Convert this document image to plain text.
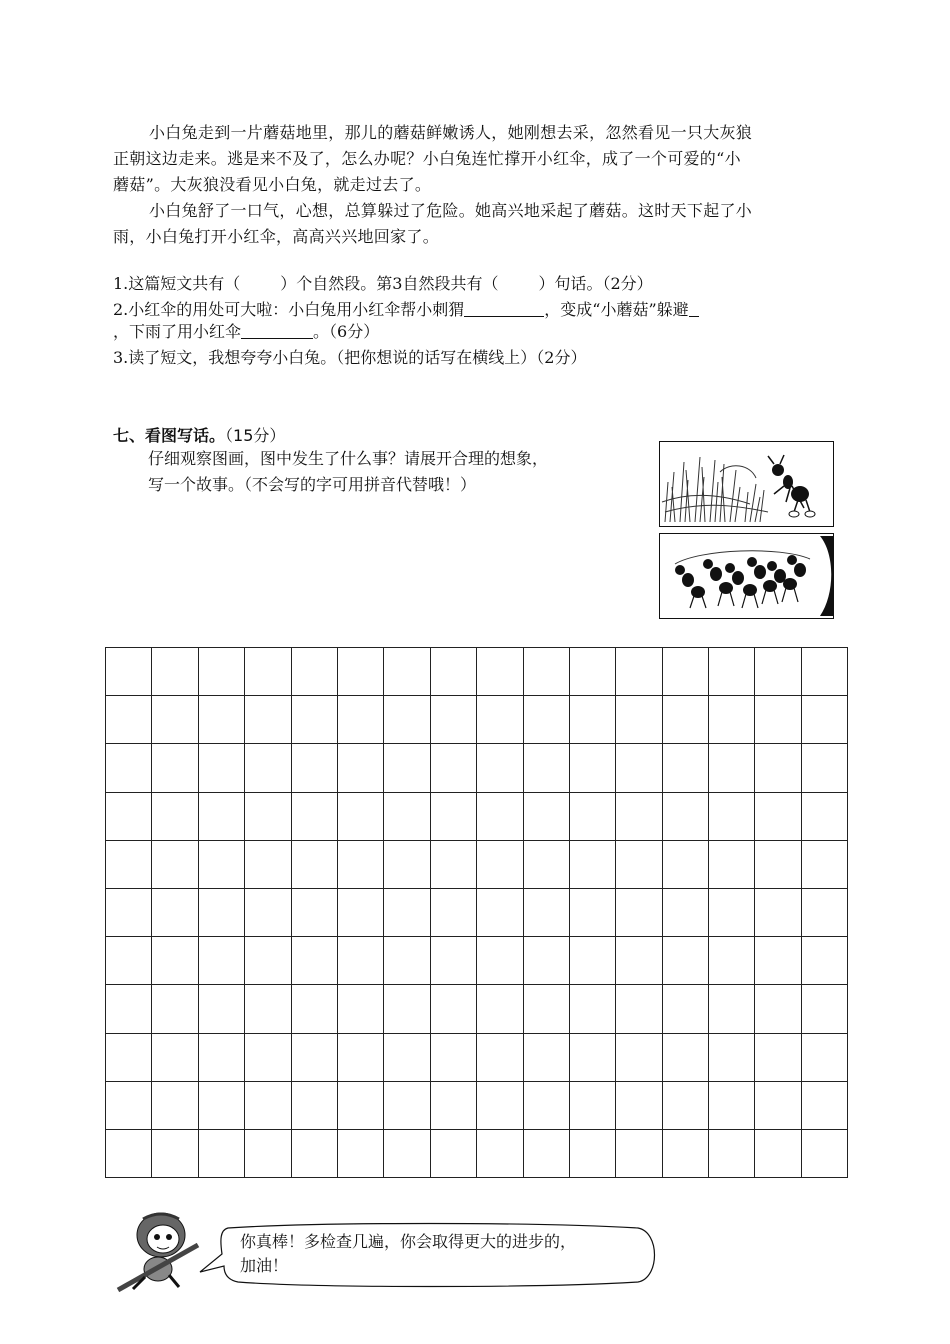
小白兔走到一片蘑菇地里，那儿的蘑菇鲜嫩诱人，她刚想去采，忽然看见一只大灰狼
正朝这边走来。逃是来不及了，怎么办呢？小白兔连忙撑开小红伞，成了一个可爱的“小
蘑菇”。大灰狼没看见小白兔，就走过去了。

小白兔舒了一口气，心想，总算躲过了危险。她高兴地采起了蘑菇。这时天下起了小
雨，小白兔打开小红伞，高高兴兴地回家了。

1.这篇短文共有（	）个自然段。第3自然段共有（	）句话。（2分）
2.小红伞的用处可大啦：小白兔用小红伞帮小刺猬	，变成“小蘑菇”躲避
，下雨了用小红伞	。（6分）
3.读了短文，我想夸夸小白兔。（把你想说的话写在横线上）（2分）
七、看图写话。（15分）
仔细观察图画，图中发生了什么事？请展开合理的想象，
写一个故事。（不会写的字可用拼音代替哦！）

你真棒！多检查几遍，你会取得更大的进步的，
加油！
